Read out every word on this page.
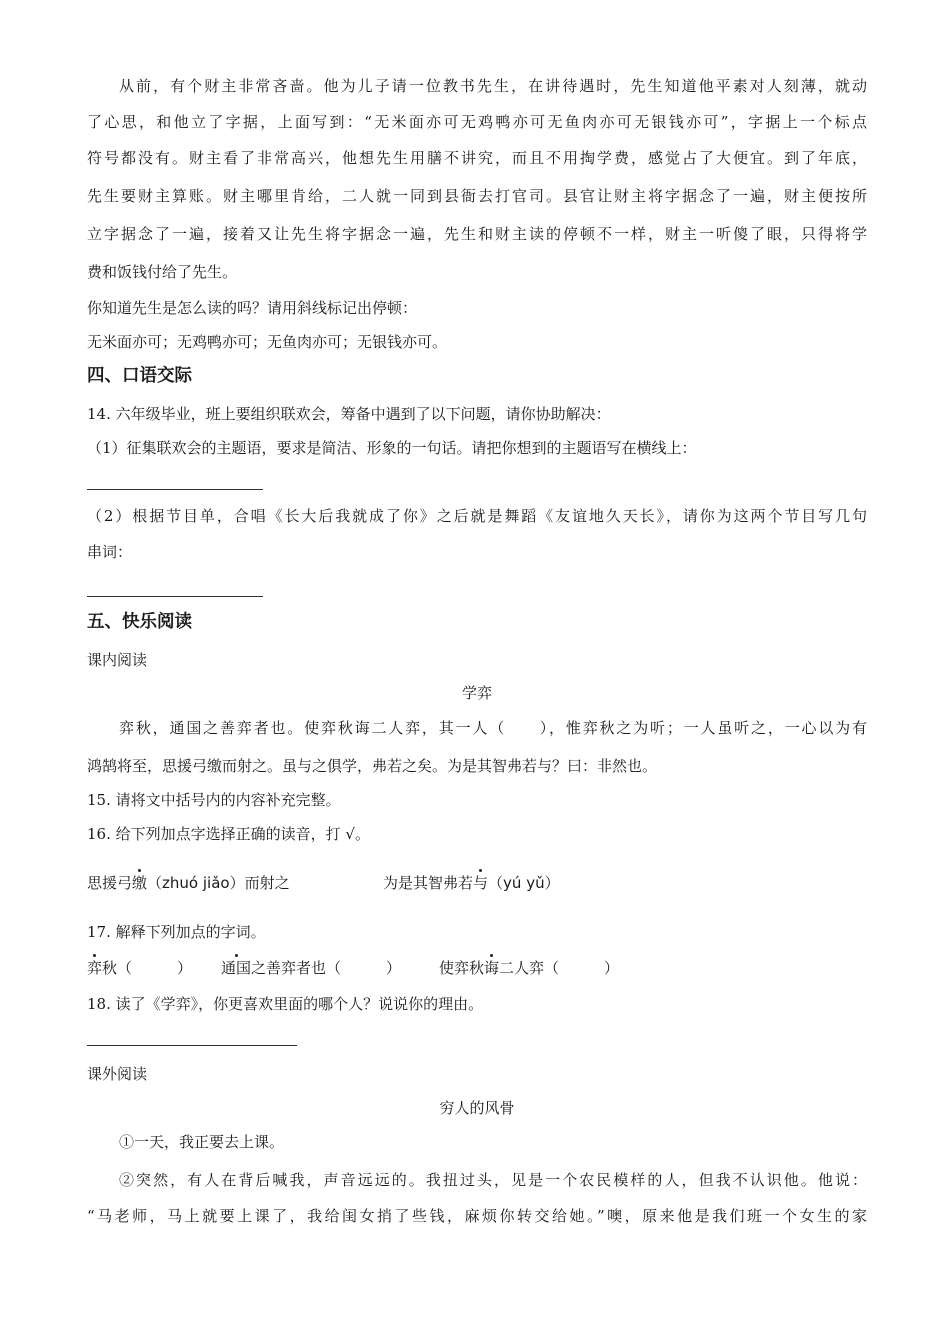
从前，有个财主非常吝啬。他为儿子请一位教书先生，在讲待遇时，先生知道他平素对人刻薄，就动
了心思，和他立了字据，上面写到：“无米面亦可无鸡鸭亦可无鱼肉亦可无银钱亦可”，字据上一个标点
符号都没有。财主看了非常高兴，他想先生用膳不讲究，而且不用掏学费，感觉占了大便宜。到了年底，
先生要财主算账。财主哪里肯给，二人就一同到县衙去打官司。县官让财主将字据念了一遍，财主便按所
立字据念了一遍，接着又让先生将字据念一遍，先生和财主读的停顿不一样，财主一听傻了眼，只得将学
费和饭钱付给了先生。
你知道先生是怎么读的吗？请用斜线标记出停顿：
无米面亦可；无鸡鸭亦可；无鱼肉亦可；无银钱亦可。
四、口语交际
14. 六年级毕业，班上要组织联欢会，筹备中遇到了以下问题，请你协助解决：
（1）征集联欢会的主题语，要求是简洁、形象的一句话。请把你想到的主题语写在横线上：
（2）根据节目单，合唱《长大后我就成了你》之后就是舞蹈《友谊地久天长》，请你为这两个节目写几句
串词：
五、快乐阅读
课内阅读
学弈
弈秋，通国之善弈者也。使弈秋诲二人弈，其一人（　　），惟弈秋之为听；一人虽听之，一心以为有
鸿鹄将至，思援弓缴而射之。虽与之俱学，弗若之矣。为是其智弗若与？曰：非然也。
15. 请将文中括号内的内容补充完整。
16. 给下列加点字选择正确的读音，打 √。
思援弓缴（zhuó jiǎo）而射之	为是其智弗若与（yú yǔ）
17. 解释下列加点的字词。
弈秋（　　　） 通国之善弈者也（　　　）	使弈秋诲二人弈（　　　）
18. 读了《学弈》，你更喜欢里面的哪个人？说说你的理由。
课外阅读
穷人的风骨
①一天，我正要去上课。
②突然，有人在背后喊我，声音远远的。我扭过头，见是一个农民模样的人，但我不认识他。他说：
“马老师，马上就要上课了，我给闺女捎了些钱，麻烦你转交给她。”噢，原来他是我们班一个女生的家
